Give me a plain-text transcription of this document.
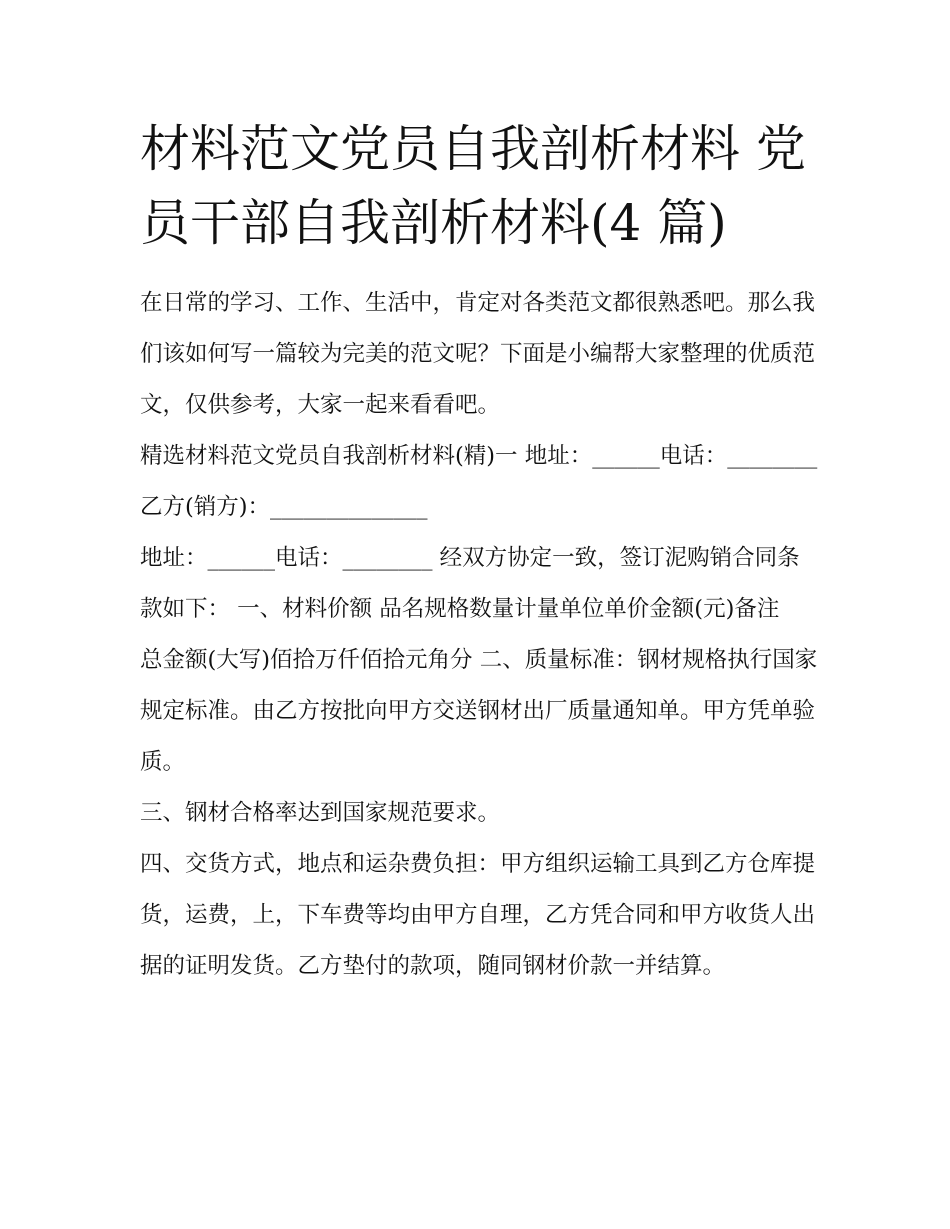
材料范文党员自我剖析材料 党员干部自我剖析材料(4 篇)

在日常的学习、工作、生活中，肯定对各类范文都很熟悉吧。那么我们该如何写一篇较为完美的范文呢？下面是小编帮大家整理的优质范文，仅供参考，大家一起来看看吧。

精选材料范文党员自我剖析材料(精)一 地址：______电话：________ 乙方(销方)：______________

地址：______电话：________ 经双方协定一致，签订泥购销合同条款如下： 一、材料价额 品名规格数量计量单位单价金额(元)备注

总金额(大写)佰拾万仟佰拾元角分 二、质量标准：钢材规格执行国家规定标准。由乙方按批向甲方交送钢材出厂质量通知单。甲方凭单验质。

三、钢材合格率达到国家规范要求。

四、交货方式，地点和运杂费负担：甲方组织运输工具到乙方仓库提货，运费，上，下车费等均由甲方自理，乙方凭合同和甲方收货人出据的证明发货。乙方垫付的款项，随同钢材价款一并结算。
